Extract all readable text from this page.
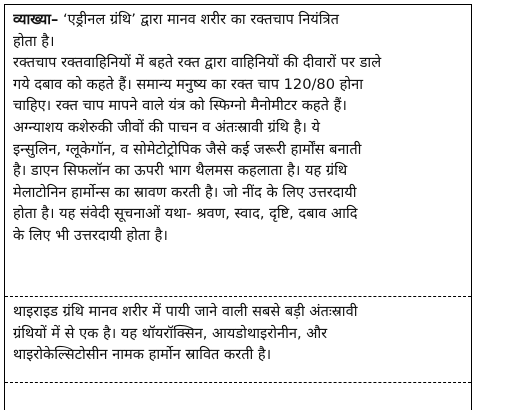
व्याख्या– ‘एड्रीनल ग्रंथि’ द्वारा मानव शरीर का रक्तचाप नियंत्रित
होता है।
रक्तचाप रक्तवाहिनियों में बहते रक्त द्वारा वाहिनियों की दीवारों पर डाले
गये दबाव को कहते हैं। समान्य मनुष्य का रक्त चाप 120/80 होना
चाहिए। रक्त चाप मापने वाले यंत्र को स्फिग्नो मैनोमीटर कहते हैं।
अग्न्याशय कशेरुकी जीवों की पाचन व अंतःस्रावी ग्रंथि है। ये
इन्सुलिन, ग्लूकेगॉन, व सोमेटोट्रोपिक जैसे कई जरूरी हार्मोंस बनाती
है। डाएन सिफलॉन का ऊपरी भाग थैलमस कहलाता है। यह ग्रंथि
मेलाटोनिन हार्मोन्स का स्रावण करती है। जो नींद के लिए उत्तरदायी
होता है। यह संवेदी सूचनाओं यथा- श्रवण, स्वाद, दृष्टि, दबाव आदि
के लिए भी उत्तरदायी होता है।
थाइराइड ग्रंथि मानव शरीर में पायी जाने वाली सबसे बड़ी अंतःस्रावी
ग्रंथियों में से एक है। यह थॉयरॉक्सिन, आयडोथाइरोनीन, और
थाइरोकेल्सिटोसीन नामक हार्मोन स्रावित करती है।
